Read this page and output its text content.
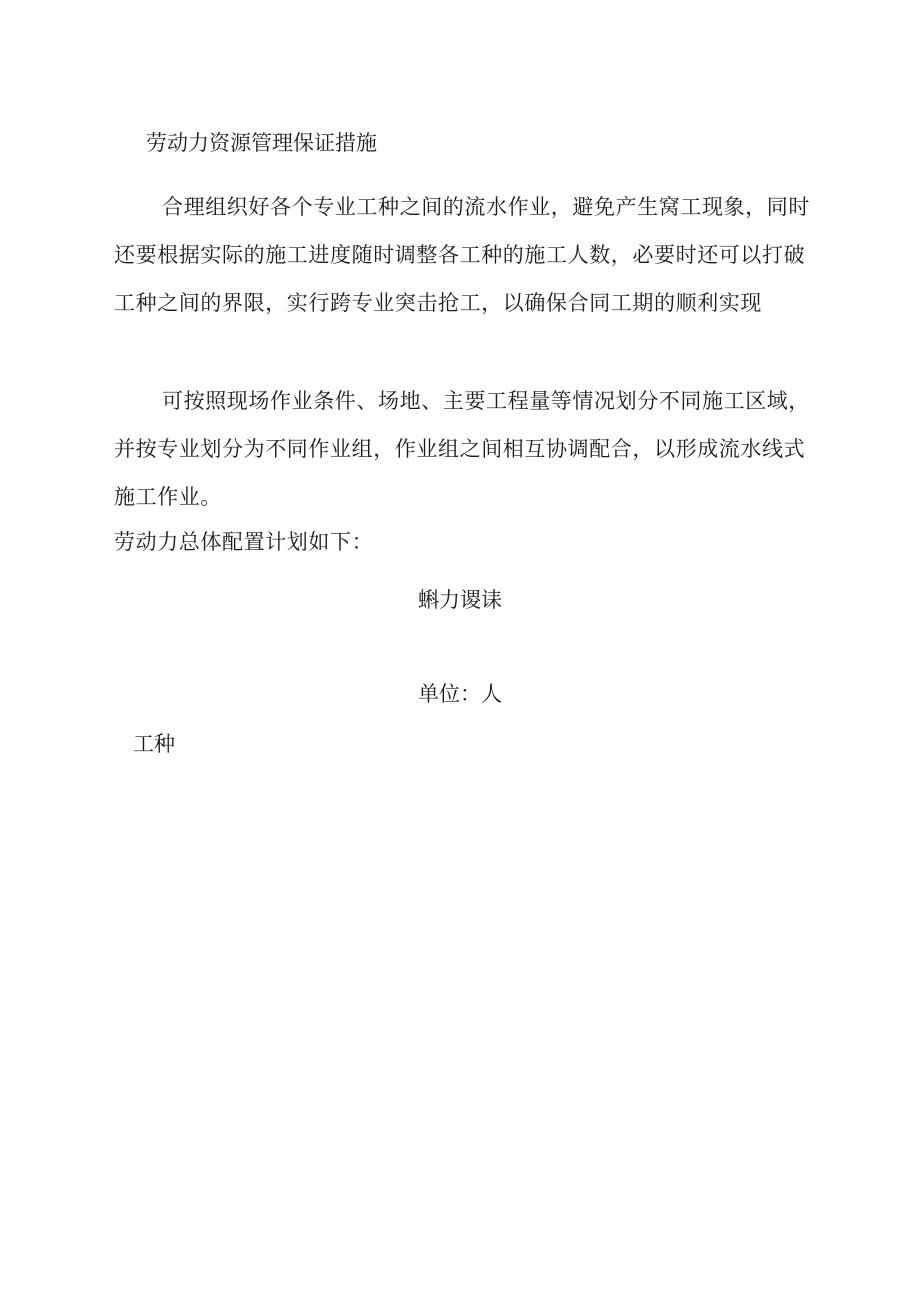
劳动力资源管理保证措施

合理组织好各个专业工种之间的流水作业，避免产生窝工现象，同时还要根据实际的施工进度随时调整各工种的施工人数，必要时还可以打破工种之间的界限，实行跨专业突击抢工，以确保合同工期的顺利实现

可按照现场作业条件、场地、主要工程量等情况划分不同施工区域，并按专业划分为不同作业组，作业组之间相互协调配合，以形成流水线式施工作业。

劳动力总体配置计划如下：
蝌力谡诔
单位：人
工种
